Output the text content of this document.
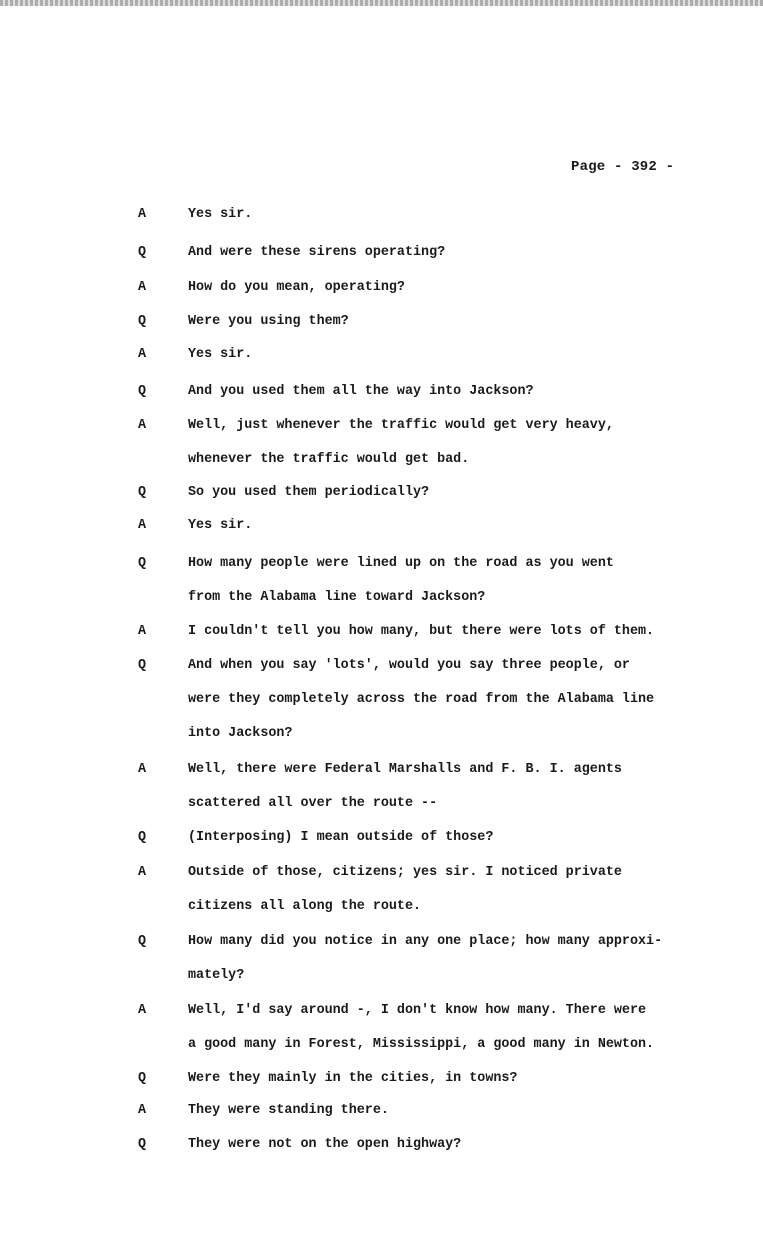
Page - 392 -
A	Yes sir.
Q	And were these sirens operating?
A	How do you mean, operating?
Q	Were you using them?
A	Yes sir.
Q	And you used them all the way into Jackson?
A	Well, just whenever the traffic would get very heavy,
whenever the traffic would get bad.
Q	So you used them periodically?
A	Yes sir.
Q	How many people were lined up on the road as you went
from the Alabama line toward Jackson?
A	I couldn't tell you how many, but there were lots of them.
Q	And when you say 'lots', would you say three people, or
were they completely across the road from the Alabama line
into Jackson?
A	Well, there were Federal Marshalls and F. B. I. agents
scattered all over the route --
Q	(Interposing) I mean outside of those?
A	Outside of those, citizens; yes sir. I noticed private
citizens all along the route.
Q	How many did you notice in any one place; how many approxi-
mately?
A	Well, I'd say around -, I don't know how many. There were
a good many in Forest, Mississippi, a good many in Newton.
Q	Were they mainly in the cities, in towns?
A	They were standing there.
Q	They were not on the open highway?
